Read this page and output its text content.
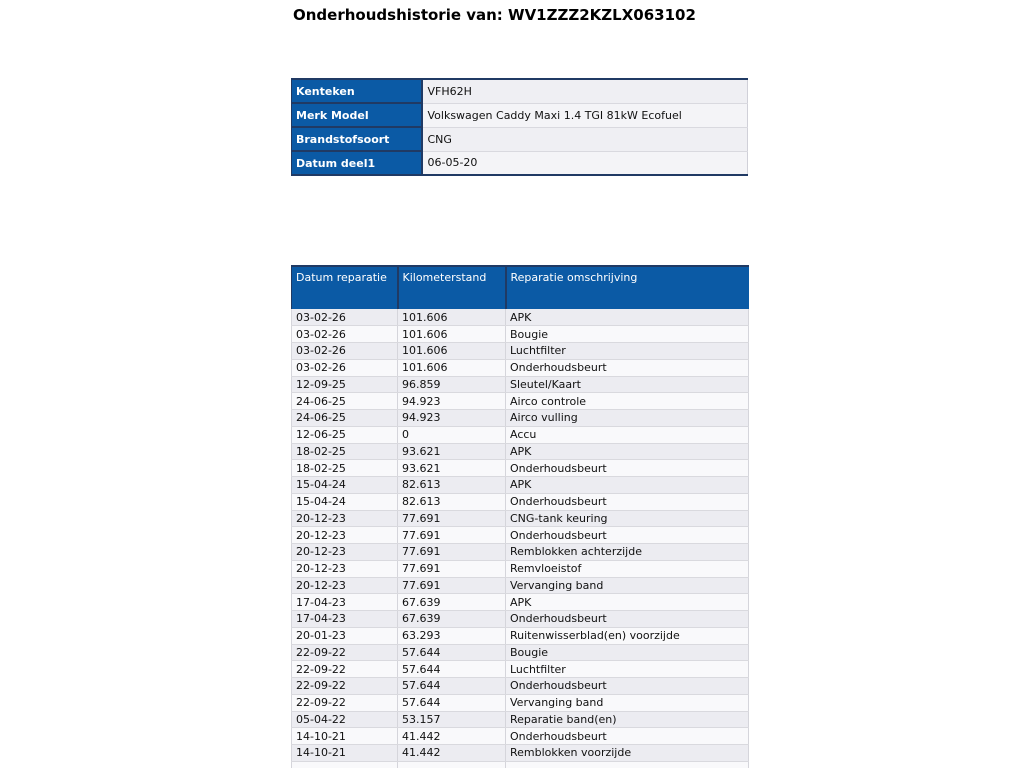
Onderhoudshistorie van: WV1ZZZ2KZLX063102
Kenteken	VFH62H
Merk Model	Volkswagen Caddy Maxi 1.4 TGI 81kW Ecofuel
Brandstofsoort	CNG
Datum deel1	06-05-20
Datum reparatie	Kilometerstand	Reparatie omschrijving
03-02-26	101.606	APK
03-02-26	101.606	Bougie
03-02-26	101.606	Luchtfilter
03-02-26	101.606	Onderhoudsbeurt
12-09-25	96.859	Sleutel/Kaart
24-06-25	94.923	Airco controle
24-06-25	94.923	Airco vulling
12-06-25	0	Accu
18-02-25	93.621	APK
18-02-25	93.621	Onderhoudsbeurt
15-04-24	82.613	APK
15-04-24	82.613	Onderhoudsbeurt
20-12-23	77.691	CNG-tank keuring
20-12-23	77.691	Onderhoudsbeurt
20-12-23	77.691	Remblokken achterzijde
20-12-23	77.691	Remvloeistof
20-12-23	77.691	Vervanging band
17-04-23	67.639	APK
17-04-23	67.639	Onderhoudsbeurt
20-01-23	63.293	Ruitenwisserblad(en) voorzijde
22-09-22	57.644	Bougie
22-09-22	57.644	Luchtfilter
22-09-22	57.644	Onderhoudsbeurt
22-09-22	57.644	Vervanging band
05-04-22	53.157	Reparatie band(en)
14-10-21	41.442	Onderhoudsbeurt
14-10-21	41.442	Remblokken voorzijde
